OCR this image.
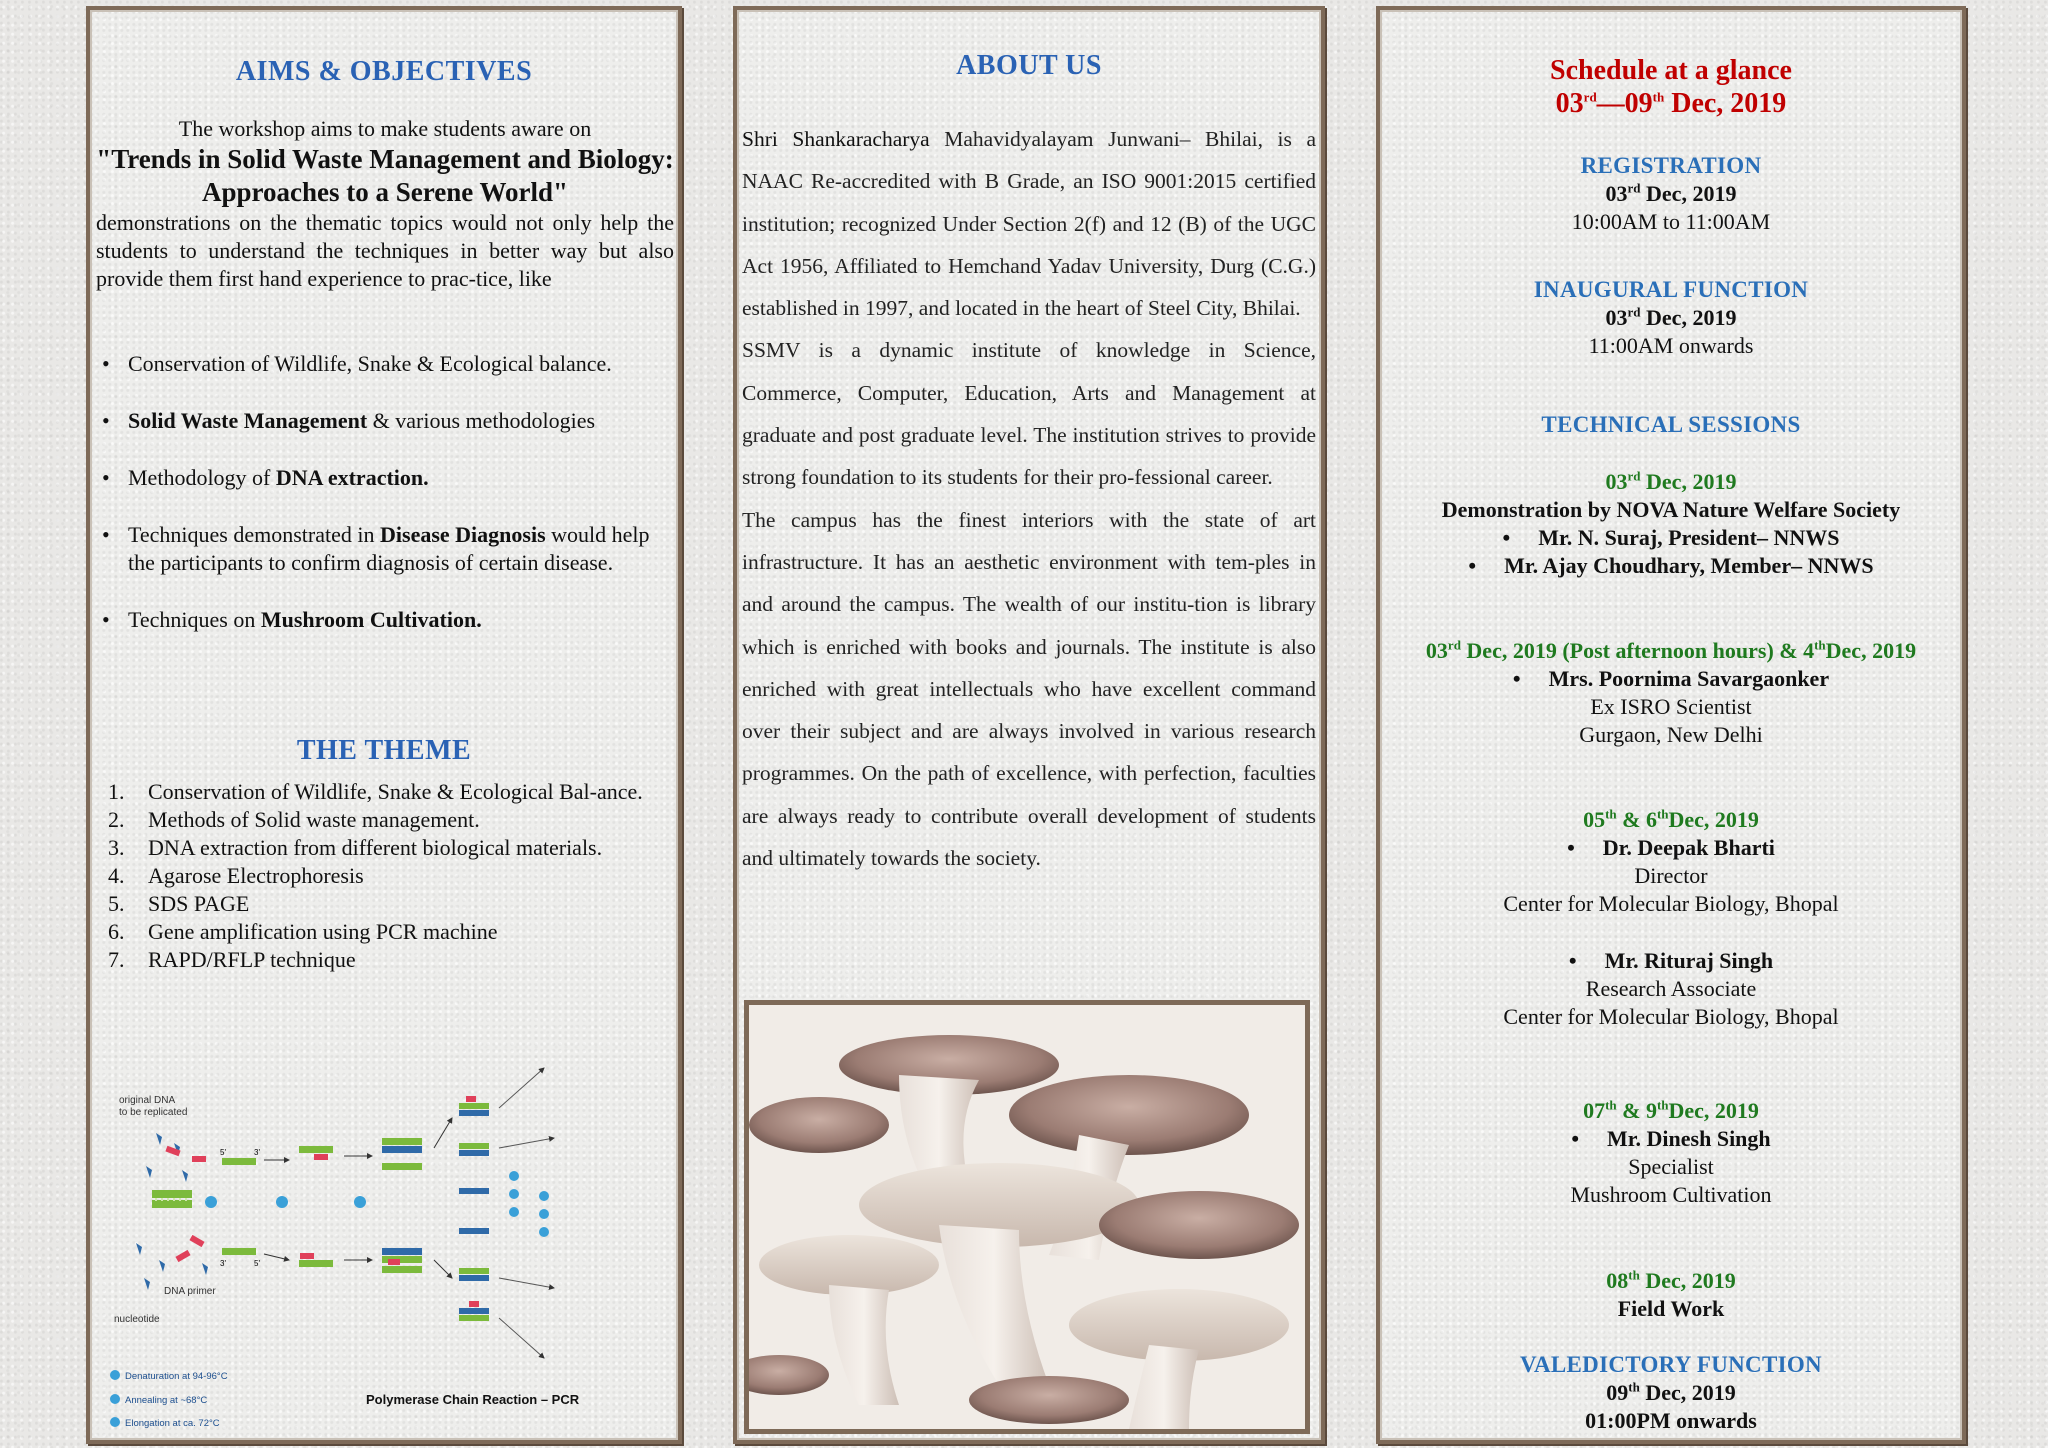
AIMS & OBJECTIVES
The workshop aims to make students aware on
"Trends in Solid Waste Management and Biology: Approaches to a Serene World"
demonstrations on the thematic topics would not only help the students to understand the techniques in better way but also provide them first hand experience to prac-tice, like
• Conservation of Wildlife, Snake & Ecological balance.
• Solid Waste Management & various methodologies
• Methodology of DNA extraction.
• Techniques demonstrated in Disease Diagnosis would help the participants to confirm diagnosis of certain disease.
• Techniques on Mushroom Cultivation.
THE THEME
1. Conservation of Wildlife, Snake & Ecological Bal-ance.
2. Methods of Solid waste management.
3. DNA extraction from different biological materials.
4. Agarose Electrophoresis
5. SDS PAGE
6. Gene amplification using PCR machine
7. RAPD/RFLP technique
original DNA
to be replicated
DNA primer
nucleotide
5'	3'
3'	5'
Denaturation at 94-96°C
Annealing at ~68°C
Elongation at ca. 72°C
Polymerase Chain Reaction – PCR
ABOUT US

Shri Shankaracharya Mahavidyalayam Junwani– Bhilai, is a NAAC Re-accredited with B Grade, an ISO 9001:2015 certified institution; recognized Under Section 2(f) and 12 (B) of the UGC Act 1956, Affiliated to Hemchand Yadav University, Durg (C.G.) established in 1997, and located in the heart of Steel City, Bhilai.

SSMV is a dynamic institute of knowledge in Science, Commerce, Computer, Education, Arts and Management at graduate and post graduate level. The institution strives to provide strong foundation to its students for their pro-fessional career.

The campus has the finest interiors with the state of art infrastructure. It has an aesthetic environment with tem-ples in and around the campus. The wealth of our institu-tion is library which is enriched with books and journals. The institute is also enriched with great intellectuals who have excellent command over their subject and are always involved in various research programmes. On the path of excellence, with perfection, faculties are always ready to contribute overall development of students and ultimately towards the society.

Schedule at a glance
03rd—09th Dec, 2019
REGISTRATION
03rd Dec, 2019
10:00AM to 11:00AM
INAUGURAL FUNCTION
03rd Dec, 2019
11:00AM onwards
TECHNICAL SESSIONS
03rd Dec, 2019
Demonstration by NOVA Nature Welfare Society
• Mr. N. Suraj, President– NNWS
• Mr. Ajay Choudhary, Member– NNWS
03rd Dec, 2019 (Post afternoon hours) & 4thDec, 2019
• Mrs. Poornima Savargaonker
Ex ISRO Scientist
Gurgaon, New Delhi
05th & 6thDec, 2019
• Dr. Deepak Bharti
Director
Center for Molecular Biology, Bhopal
• Mr. Rituraj Singh
Research Associate
Center for Molecular Biology, Bhopal
07th & 9thDec, 2019
• Mr. Dinesh Singh
Specialist
Mushroom Cultivation
08th Dec, 2019
Field Work
VALEDICTORY FUNCTION
09th Dec, 2019
01:00PM onwards
